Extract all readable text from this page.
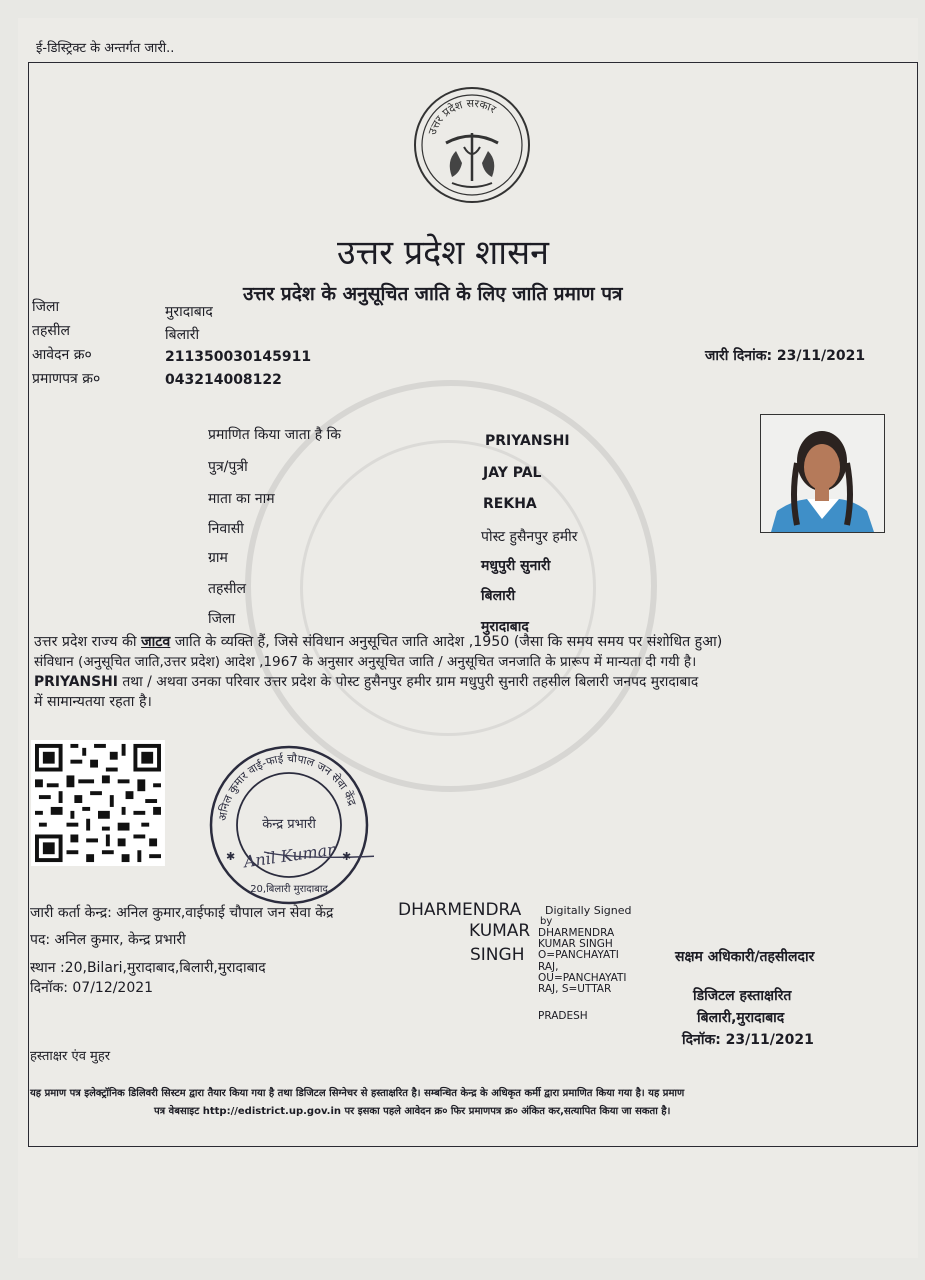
ई-डिस्ट्रिक्ट के अन्तर्गत जारी..
उत्तर प्रदेश सरकार
उत्तर प्रदेश शासन
उत्तर प्रदेश के अनुसूचित जाति के लिए जाति प्रमाण पत्र
जिला	मुरादाबाद
तहसील	बिलारी
आवेदन क्र०	211350030145911
प्रमाणपत्र क्र०	043214008122
जारी दिनांक: 23/11/2021
प्रमाणित किया जाता है कि	PRIYANSHI
पुत्र/पुत्री	JAY PAL
माता का नाम	REKHA
निवासी	पोस्ट हुसैनपुर हमीर
ग्राम	मधुपुरी सुनारी
तहसील	बिलारी
जिला	मुरादाबाद

उत्तर प्रदेश राज्य की जाटव जाति के व्यक्ति हैं, जिसे संविधान अनुसूचित जाति आदेश ,1950 (जैसा कि समय समय पर संशोधित हुआ)

संविधान (अनुसूचित जाति,उत्तर प्रदेश) आदेश ,1967 के अनुसार अनुसूचित जाति / अनुसूचित जनजाति के प्रारूप में मान्यता दी गयी है।

PRIYANSHI तथा / अथवा उनका परिवार उत्तर प्रदेश के पोस्ट हुसैनपुर हमीर ग्राम मधुपुरी सुनारी तहसील बिलारी जनपद मुरादाबाद

में सामान्यतया रहता है।

अनिल कुमार वाई-फाई चौपाल जन सेवा केंद्र
केन्द्र प्रभारी
20,बिलारी मुरादाबाद
Anil Kumar
✱	✱
जारी कर्ता केन्द्र: अनिल कुमार,वाईफाई चौपाल जन सेवा केंद्र
पद: अनिल कुमार, केन्द्र प्रभारी
स्थान :20,Bilari,मुरादाबाद,बिलारी,मुरादाबाद
दिनॉक: 07/12/2021
हस्ताक्षर एंव मुहर
DHARMENDRA
KUMAR
SINGH
Digitally Signed
by
DHARMENDRA
KUMAR SINGH
O=PANCHAYATI
RAJ,
OU=PANCHAYATI
RAJ, S=UTTAR
PRADESH
सक्षम अधिकारी/तहसीलदार
डिजिटल हस्ताक्षरित
बिलारी,मुरादाबाद
दिनॉक: 23/11/2021
यह प्रमाण पत्र इलेक्ट्रॉनिक डिलिवरी सिस्टम द्वारा तैयार किया गया है तथा डिजिटल सिग्नेचर से हस्ताक्षरित है। सम्बन्धित केन्द्र के अधिकृत कर्मी द्वारा प्रमाणित किया गया है। यह प्रमाण
पत्र वेबसाइट http://edistrict.up.gov.in पर इसका पहले आवेदन क्र० फिर प्रमाणपत्र क्र० अंकित कर,सत्यापित किया जा सकता है।
